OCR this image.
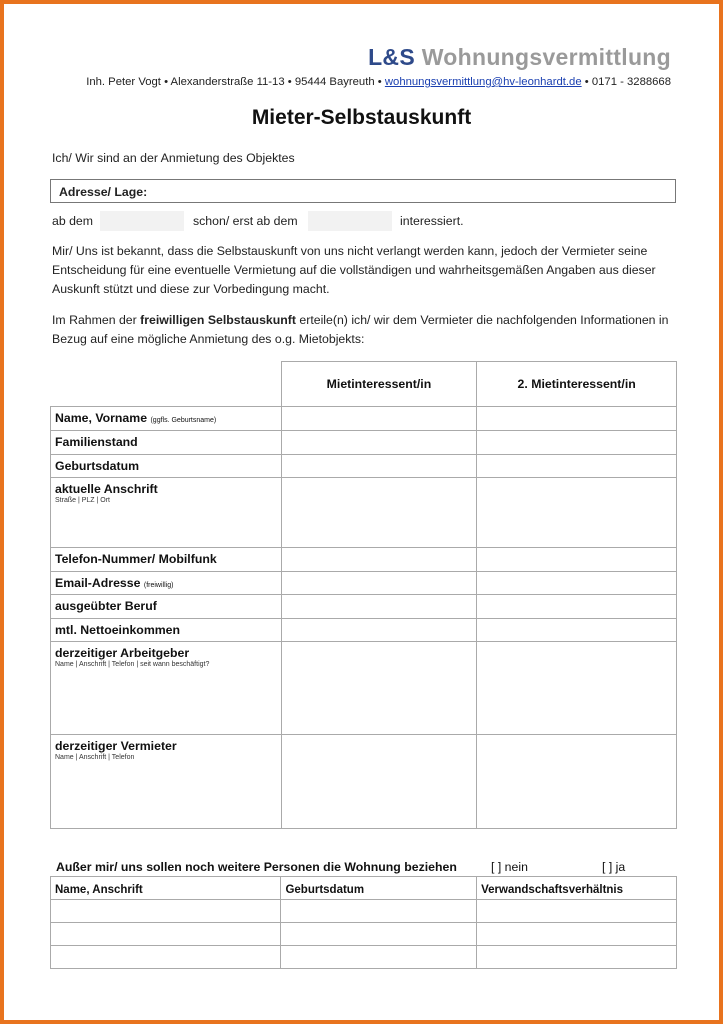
L&S Wohnungsvermittlung
Inh. Peter Vogt • Alexanderstraße 11-13 • 95444 Bayreuth • wohnungsvermittlung@hv-leonhardt.de • 0171 - 3288668
Mieter-Selbstauskunft
Ich/ Wir sind an der Anmietung des Objektes
Adresse/ Lage:
ab dem	schon/ erst ab dem	interessiert.
Mir/ Uns ist bekannt, dass die Selbstauskunft von uns nicht verlangt werden kann, jedoch der Vermieter seine Entscheidung für eine eventuelle Vermietung auf die vollständigen und wahrheitsgemäßen Angaben aus dieser Auskunft stützt und diese zur Vorbedingung macht.
Im Rahmen der freiwilligen Selbstauskunft erteile(n) ich/ wir dem Vermieter die nachfolgenden Informationen in Bezug auf eine mögliche Anmietung des o.g. Mietobjekts:
	Mietinteressent/in	2. Mietinteressent/in
Name, Vorname (ggfls. Geburtsname)		
Familienstand		
Geburtsdatum		
aktuelle Anschrift
Straße | PLZ | Ort		

Telefon-Nummer/ Mobilfunk		
Email-Adresse (freiwillig)		
ausgeübter Beruf		
mtl. Nettoeinkommen		
derzeitiger Arbeitgeber
Name | Anschrift | Telefon | seit wann beschäftigt?		

derzeitiger Vermieter
Name | Anschrift | Telefon		

Außer mir/ uns sollen noch weitere Personen die Wohnung beziehen	[ ] nein	[ ] ja
Name, Anschrift	Geburtsdatum	Verwandschaftsverhältnis
